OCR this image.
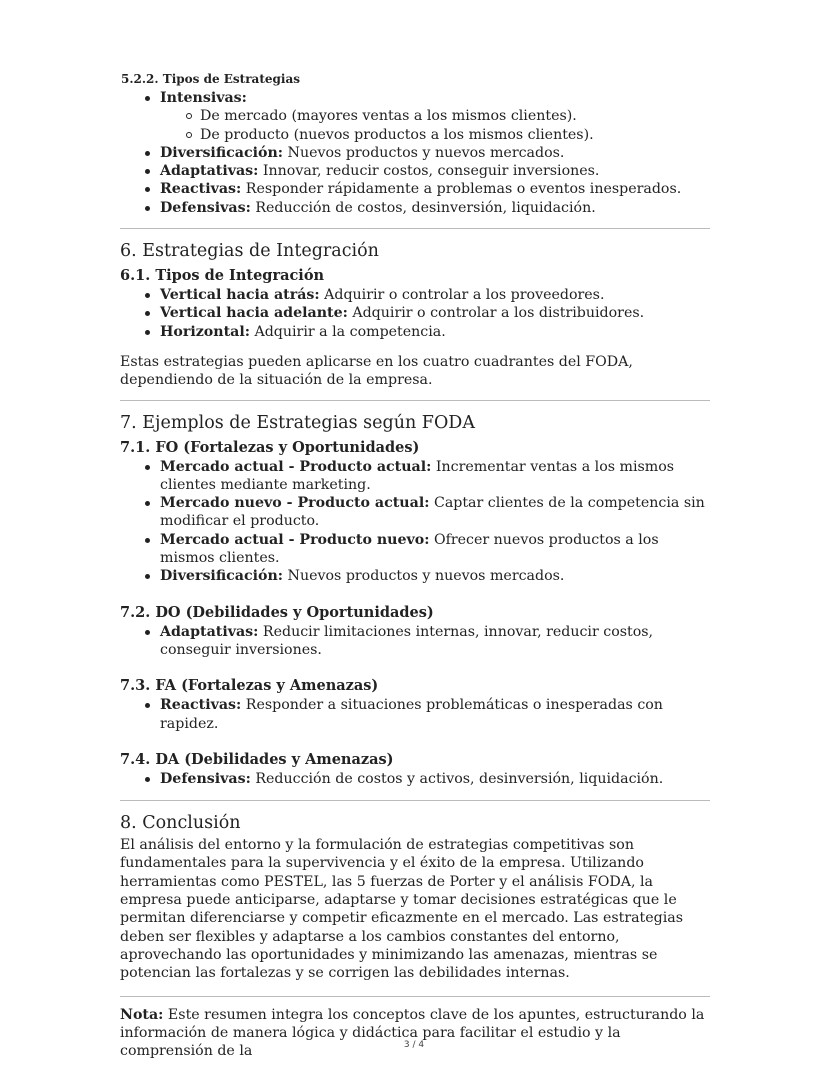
5.2.2. Tipos de Estrategias
Intensivas:
De mercado (mayores ventas a los mismos clientes).
De producto (nuevos productos a los mismos clientes).
Diversificación: Nuevos productos y nuevos mercados.
Adaptativas: Innovar, reducir costos, conseguir inversiones.
Reactivas: Responder rápidamente a problemas o eventos inesperados.
Defensivas: Reducción de costos, desinversión, liquidación.
6. Estrategias de Integración
6.1. Tipos de Integración
Vertical hacia atrás: Adquirir o controlar a los proveedores.
Vertical hacia adelante: Adquirir o controlar a los distribuidores.
Horizontal: Adquirir a la competencia.

Estas estrategias pueden aplicarse en los cuatro cuadrantes del FODA, dependiendo de la situación de la empresa.

7. Ejemplos de Estrategias según FODA
7.1. FO (Fortalezas y Oportunidades)
Mercado actual - Producto actual: Incrementar ventas a los mismos clientes mediante marketing.
Mercado nuevo - Producto actual: Captar clientes de la competencia sin modificar el producto.
Mercado actual - Producto nuevo: Ofrecer nuevos productos a los mismos clientes.
Diversificación: Nuevos productos y nuevos mercados.
7.2. DO (Debilidades y Oportunidades)
Adaptativas: Reducir limitaciones internas, innovar, reducir costos, conseguir inversiones.
7.3. FA (Fortalezas y Amenazas)
Reactivas: Responder a situaciones problemáticas o inesperadas con rapidez.
7.4. DA (Debilidades y Amenazas)
Defensivas: Reducción de costos y activos, desinversión, liquidación.
8. Conclusión

El análisis del entorno y la formulación de estrategias competitivas son fundamentales para la supervivencia y el éxito de la empresa. Utilizando herramientas como PESTEL, las 5 fuerzas de Porter y el análisis FODA, la empresa puede anticiparse, adaptarse y tomar decisiones estratégicas que le permitan diferenciarse y competir eficazmente en el mercado. Las estrategias deben ser flexibles y adaptarse a los cambios constantes del entorno, aprovechando las oportunidades y minimizando las amenazas, mientras se potencian las fortalezas y se corrigen las debilidades internas.

Nota: Este resumen integra los conceptos clave de los apuntes, estructurando la información de manera lógica y didáctica para facilitar el estudio y la comprensión de la	3 / 4
